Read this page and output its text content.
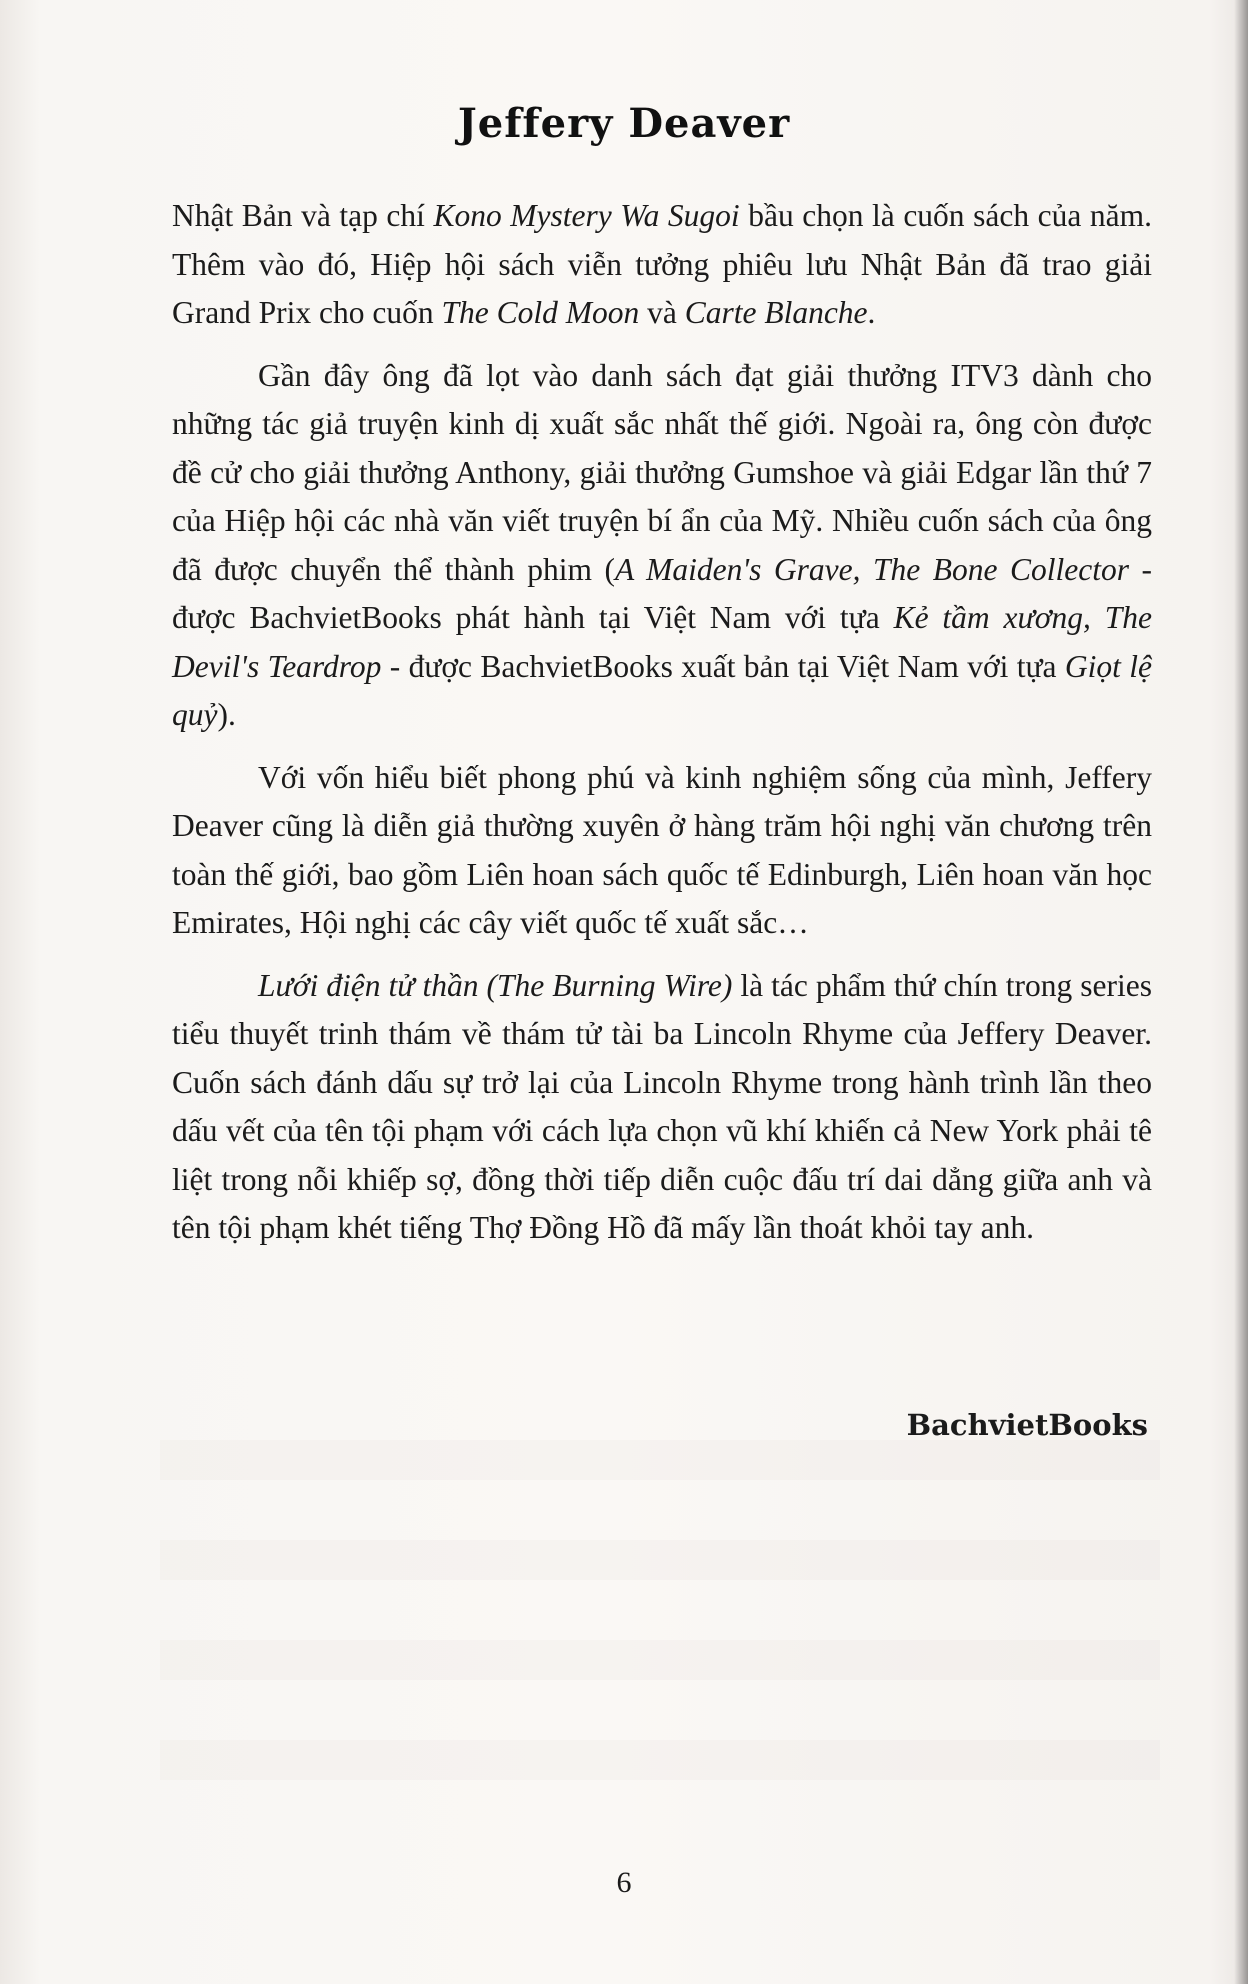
Jeffery Deaver

Nhật Bản và tạp chí Kono Mystery Wa Sugoi bầu chọn là cuốn sách của năm. Thêm vào đó, Hiệp hội sách viễn tưởng phiêu lưu Nhật Bản đã trao giải Grand Prix cho cuốn The Cold Moon và Carte Blanche.

Gần đây ông đã lọt vào danh sách đạt giải thưởng ITV3 dành cho những tác giả truyện kinh dị xuất sắc nhất thế giới. Ngoài ra, ông còn được đề cử cho giải thưởng Anthony, giải thưởng Gumshoe và giải Edgar lần thứ 7 của Hiệp hội các nhà văn viết truyện bí ẩn của Mỹ. Nhiều cuốn sách của ông đã được chuyển thể thành phim (A Maiden's Grave, The Bone Collector - được BachvietBooks phát hành tại Việt Nam với tựa Kẻ tầm xương, The Devil's Teardrop - được BachvietBooks xuất bản tại Việt Nam với tựa Giọt lệ quỷ).

Với vốn hiểu biết phong phú và kinh nghiệm sống của mình, Jeffery Deaver cũng là diễn giả thường xuyên ở hàng trăm hội nghị văn chương trên toàn thế giới, bao gồm Liên hoan sách quốc tế Edinburgh, Liên hoan văn học Emirates, Hội nghị các cây viết quốc tế xuất sắc…

Lưới điện tử thần (The Burning Wire) là tác phẩm thứ chín trong series tiểu thuyết trinh thám về thám tử tài ba Lincoln Rhyme của Jeffery Deaver. Cuốn sách đánh dấu sự trở lại của Lincoln Rhyme trong hành trình lần theo dấu vết của tên tội phạm với cách lựa chọn vũ khí khiến cả New York phải tê liệt trong nỗi khiếp sợ, đồng thời tiếp diễn cuộc đấu trí dai dẳng giữa anh và tên tội phạm khét tiếng Thợ Đồng Hồ đã mấy lần thoát khỏi tay anh.

BachvietBooks
6
